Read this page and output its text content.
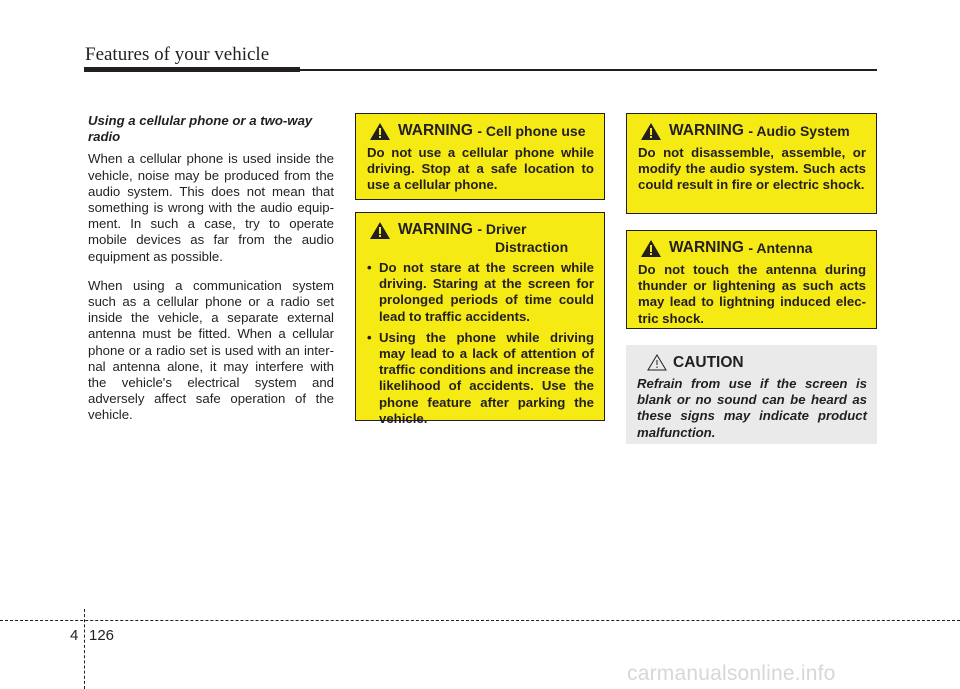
Features of your vehicle
Using a cellular phone or a two-way radio

When a cellular phone is used inside the vehicle, noise may be produced from the audio system. This does not mean that something is wrong with the audio equip-ment. In such a case, try to operate mobile devices as far from the audio equipment as possible.

When using a communication system such as a cellular phone or a radio set inside the vehicle, a separate external antenna must be fitted. When a cellular phone or a radio set is used with an inter-nal antenna alone, it may interfere with the vehicle's electrical system and adversely affect safe operation of the vehicle.

WARNING
- Cell phone use
Do not use a cellular phone while driving. Stop at a safe location to use a cellular phone.
WARNING - Driver
Distraction
• Do not stare at the screen while driving. Staring at the screen for prolonged periods of time could lead to traffic accidents.
• Using the phone while driving may lead to a lack of attention of traffic conditions and increase the likelihood of accidents. Use the phone feature after parking the vehicle.
WARNING
- Audio System
Do not disassemble, assemble, or modify the audio system. Such acts could result in fire or electric shock.
WARNING
- Antenna
Do not touch the antenna during thunder or lightening as such acts may lead to lightning induced elec-tric shock.
CAUTION
Refrain from use if the screen is blank or no sound can be heard as these signs may indicate product malfunction.
4 126
carmanualsonline.info
